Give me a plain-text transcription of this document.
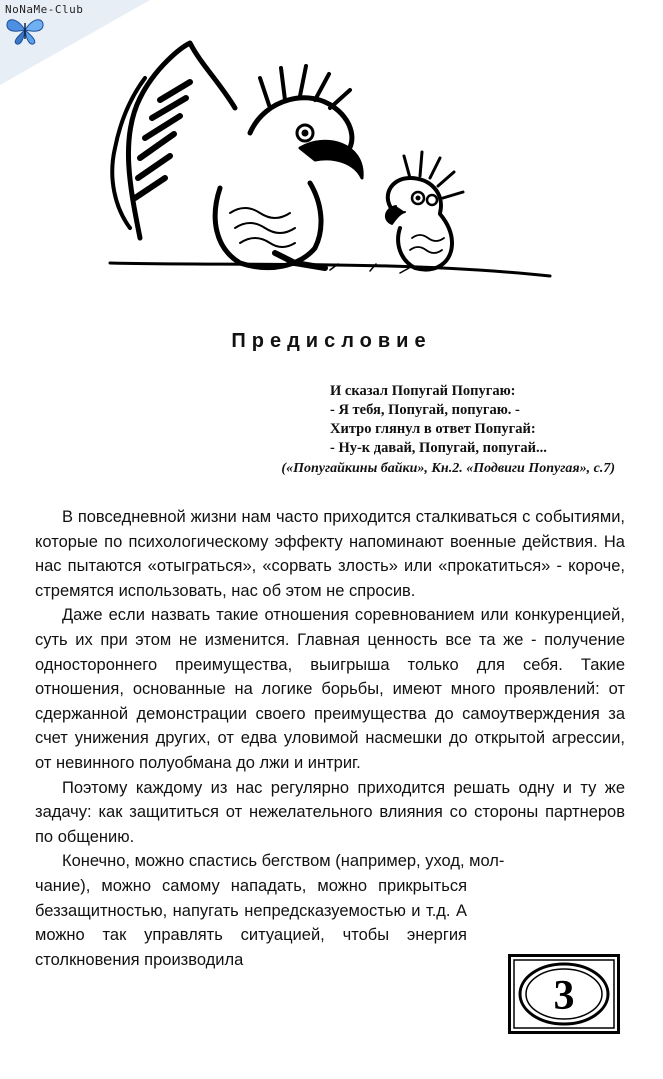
NoNaMe-Club
Предисловие
И сказал Попугай Попугаю:
- Я тебя, Попугай, попугаю. -
Хитро глянул в ответ Попугай:
- Ну-к давай, Попугай, попугай...
(«Попугайкины байки», Кн.2. «Подвиги Попугая», с.7)

В повседневной жизни нам часто приходится сталкиваться с событиями, которые по психологическому эффекту напоминают военные действия. На нас пытаются «отыграться», «сорвать злость» или «прокатиться» - короче, стремятся использовать, нас об этом не спросив.

Даже если назвать такие отношения соревнованием или конкуренцией, суть их при этом не изменится. Главная ценность все та же - получение одностороннего преимущества, выигрыша только для себя. Такие отношения, основанные на логике борьбы, имеют много проявлений: от сдержанной демонстрации своего преимущества до самоутверждения за счет унижения других, от едва уловимой насмешки до открытой агрессии, от невинного полуобмана до лжи и интриг.

Поэтому каждому из нас регулярно приходится решать одну и ту же задачу: как защититься от нежелательного влияния со стороны партнеров по общению.

Конечно, можно спастись бегством (например, уход, мол-

чание), можно самому нападать, можно прикрыться беззащитностью, напугать непредсказуемостью и т.д. А можно так управлять ситуацией, чтобы энергия столкновения производила
3
